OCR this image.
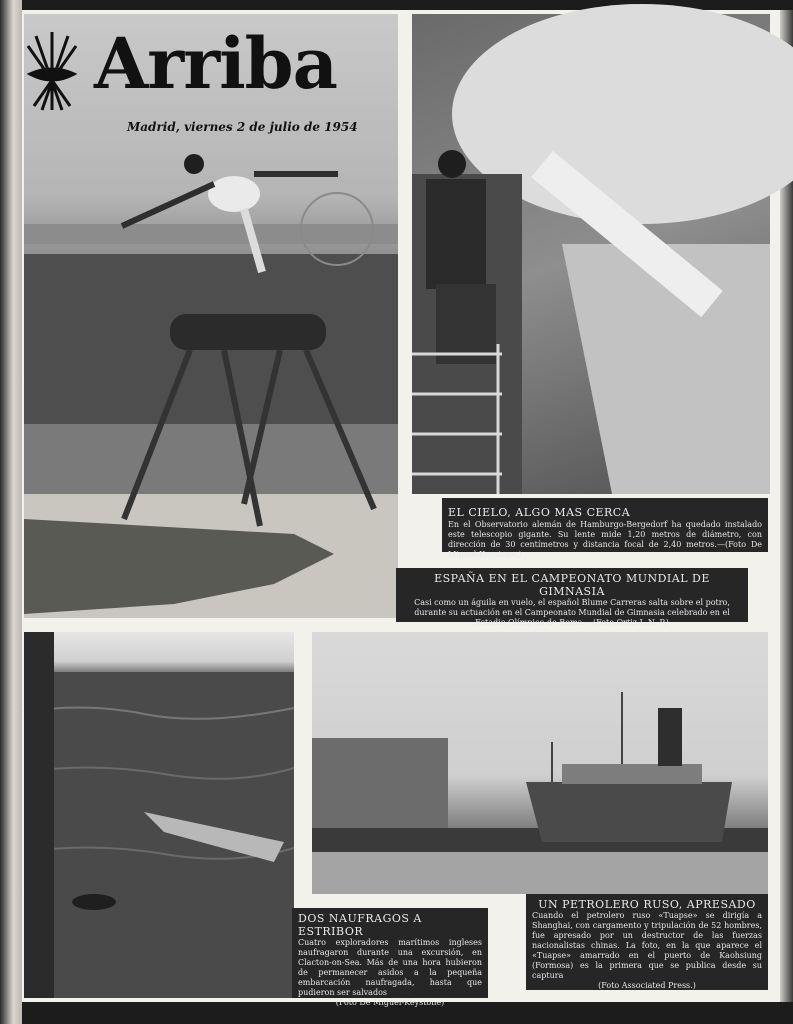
Arriba
Madrid, viernes 2 de julio de 1954
EL CIELO, ALGO MAS CERCA
En el Observatorio alemán de Hamburgo-Bergedorf ha quedado instalado este telescopio gigante. Su lente mide 1,20 metros de diámetro, con dirección de 30 centímetros y distancia focal de 2,40 metros.—(Foto De Miguel-Keystone.)
ESPAÑA EN EL CAMPEONATO MUNDIAL DE GIMNASIA
Casi como un águila en vuelo, el español Blume Carreras salta sobre el potro, durante su actuación en el Campeonato Mundial de Gimnasia celebrado en el Estadio Olímpico de Roma.—(Foto Ortiz-I. N. P.)
DOS NAUFRAGOS A ESTRIBOR
Cuatro exploradores marítimos ingleses naufragaron durante una excursión, en Clacton-on-Sea. Más de una hora hubieron de permanecer asidos a la pequeña embarcación naufragada, hasta que pudieron ser salvados
(Foto De Miguel-Keystone)
UN PETROLERO RUSO, APRESADO
Cuando el petrolero ruso «Tuapse» se dirigía a Shanghai, con cargamento y tripulación de 52 hombres, fue apresado por un destructor de las fuerzas nacionalistas chinas. La foto, en la que aparece el «Tuapse» amarrado en el puerto de Kaohsiung (Formosa) es la primera que se publica desde su captura
(Foto Associated Press.)
